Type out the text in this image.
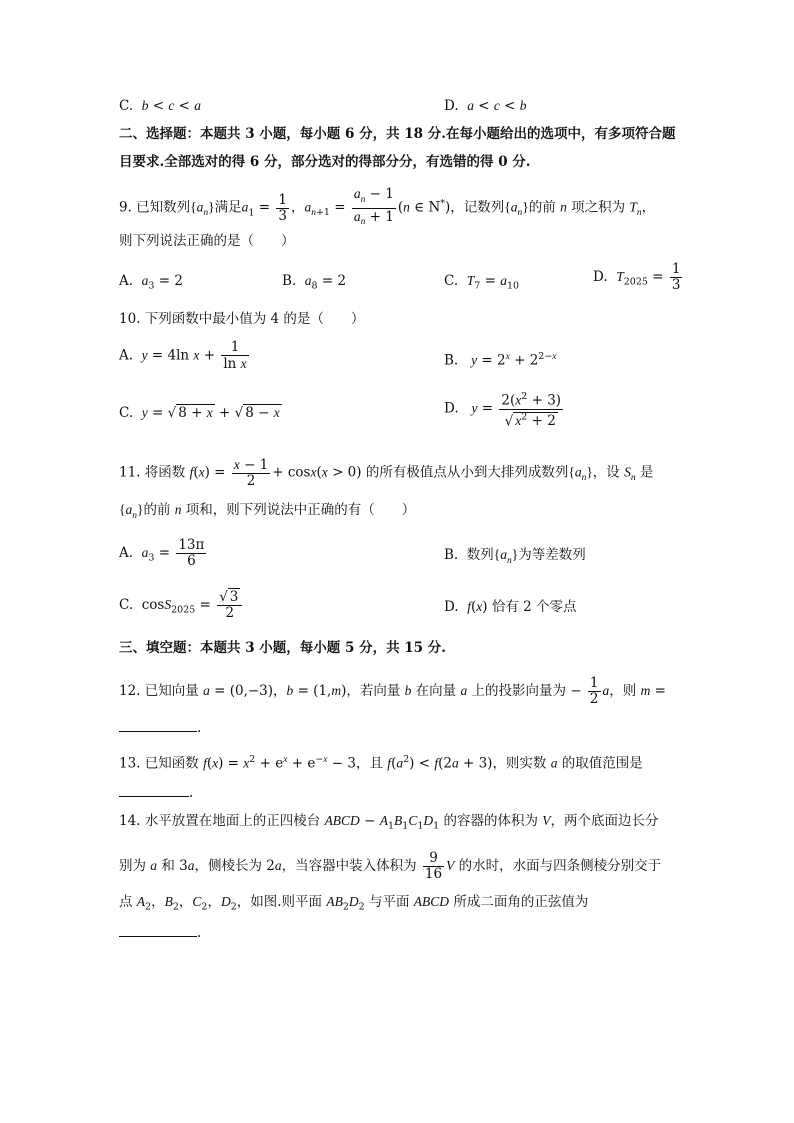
C.  b < c < a	D.  a < c < b
二、选择题：本题共 3 小题，每小题 6 分，共 18 分.在每小题给出的选项中，有多项符合题
目要求.全部选对的得 6 分，部分选对的得部分分，有选错的得 0 分.
9. 已知数列$\{a_n\}$满足$a_1 = \frac{1}{3}$ ，$a_{n+1} = \frac{a_n - 1}{a_n + 1} (n$ ∈ N*)，记数列$\{a_n\}$的前 n 项之积为 $T_n$，
则下列说法正确的是（　　）
A.  $a_3 = 2$	B.  $a_8 = 2$	C.  $T_7 = a_{10}$
D.  $T_{2025} = \frac{1}{3}$
10. 下列函数中最小值为 4 的是（　　）
A.  y = 4ln $x + \frac{1}{\text{ln x}}$	B.   $y = 2^x + 2^{2-x}$
C.  y = √ 8 + x + √ 8 − x	D.   $y = \frac{2(x^2 + 3)}{√ x^2 + 2}$
11. 将函数 $f(x) = \frac{x - 1}{2} + \cos x(x > 0)$ 的所有极值点从小到大排列成数列$\{a_n\}$，设 $S_n$ 是
$\{a_n\}$的前 n 项和，则下列说法中正确的有（　　）
A.  $a_3 = \frac{13\pi}{6}$	B.  数列$\{a_n\}$为等差数列
C.  $\cos S_{2025} = \frac{√ 3}{2}$	D.  f(x) 恰有 2 个零点
三、填空题：本题共 3 小题，每小题 5 分，共 15 分.
12. 已知向量 a = (0,−3)，b = (1,m)，若向量 b 在向量 a 上的投影向量为 − $\frac{1}{2}$ a，则 m =
.
13. 已知函数 $f(x) = x^2 + e^x + e^{-x} - 3$，且 $f(a^2) < f(2a + 3)$，则实数 a 的取值范围是
.
14. 水平放置在地面上的正四棱台 ABCD − $A_1B_1C_1D_1$ 的容器的体积为 V，两个底面边长分
别为 a 和 3a，侧棱长为 2a，当容器中装入体积为 $\frac{9}{16}$ V 的水时，水面与四条侧棱分别交于
点 $A_2$，$B_2$，$C_2$，$D_2$，如图.则平面 $AB_2D_2$ 与平面 ABCD 所成二面角的正弦值为
.
